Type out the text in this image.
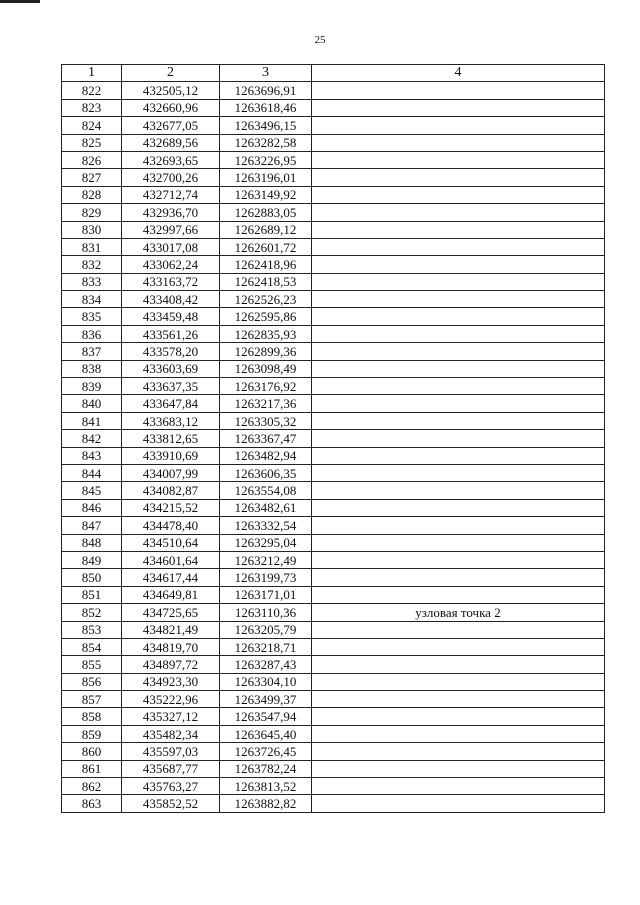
25
1	2	3	4
822	432505,12	1263696,91	
823	432660,96	1263618,46	
824	432677,05	1263496,15	
825	432689,56	1263282,58	
826	432693,65	1263226,95	
827	432700,26	1263196,01	
828	432712,74	1263149,92	
829	432936,70	1262883,05	
830	432997,66	1262689,12	
831	433017,08	1262601,72	
832	433062,24	1262418,96	
833	433163,72	1262418,53	
834	433408,42	1262526,23	
835	433459,48	1262595,86	
836	433561,26	1262835,93	
837	433578,20	1262899,36	
838	433603,69	1263098,49	
839	433637,35	1263176,92	
840	433647,84	1263217,36	
841	433683,12	1263305,32	
842	433812,65	1263367,47	
843	433910,69	1263482,94	
844	434007,99	1263606,35	
845	434082,87	1263554,08	
846	434215,52	1263482,61	
847	434478,40	1263332,54	
848	434510,64	1263295,04	
849	434601,64	1263212,49	
850	434617,44	1263199,73	
851	434649,81	1263171,01	
852	434725,65	1263110,36	узловая точка 2
853	434821,49	1263205,79	
854	434819,70	1263218,71	
855	434897,72	1263287,43	
856	434923,30	1263304,10	
857	435222,96	1263499,37	
858	435327,12	1263547,94	
859	435482,34	1263645,40	
860	435597,03	1263726,45	
861	435687,77	1263782,24	
862	435763,27	1263813,52	
863	435852,52	1263882,82	
